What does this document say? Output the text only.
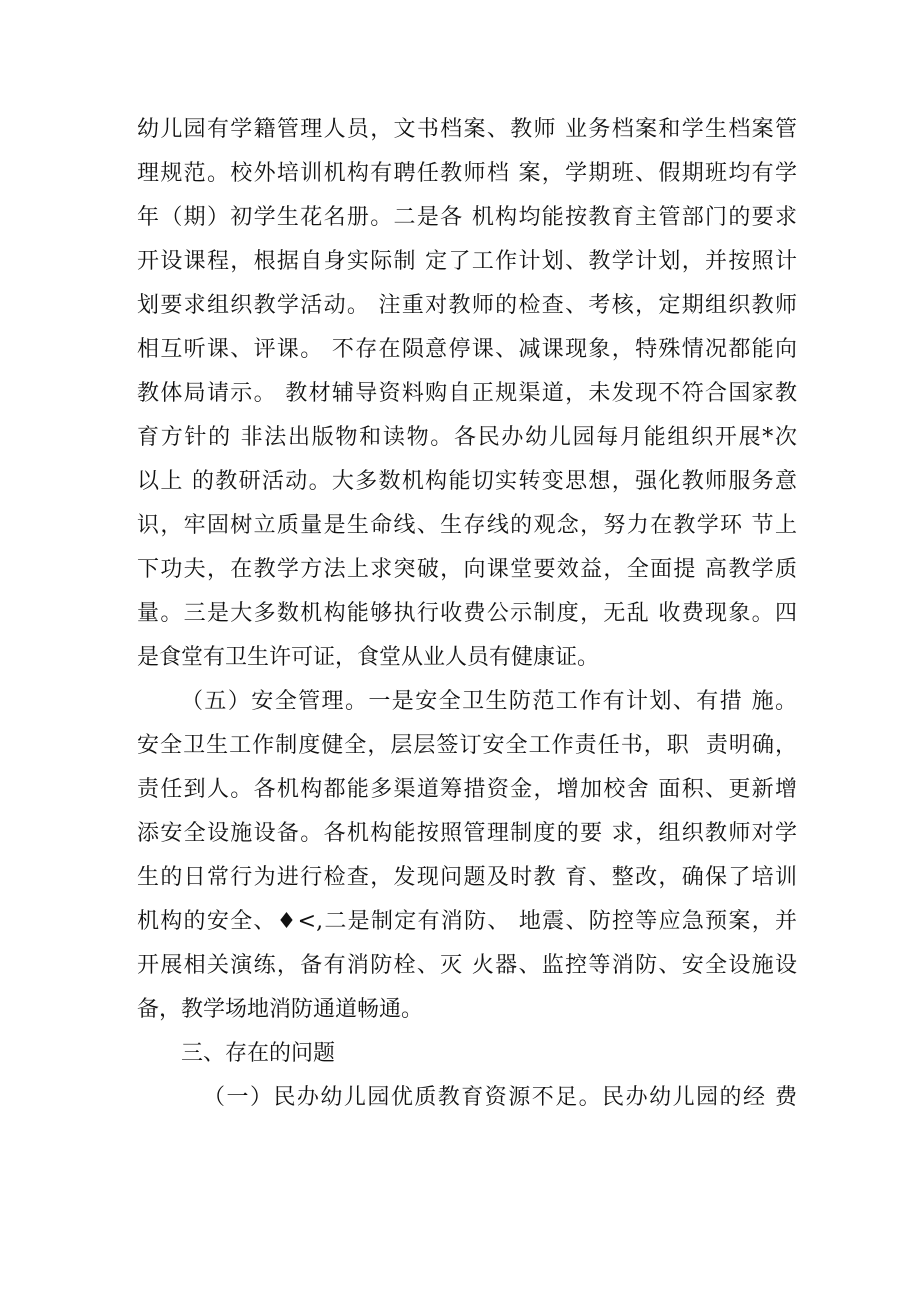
幼儿园有学籍管理人员，文书档案、教师 业务档案和学生档案管
理规范。校外培训机构有聘任教师档 案，学期班、假期班均有学
年（期）初学生花名册。二是各 机构均能按教育主管部门的要求
开设课程，根据自身实际制 定了工作计划、教学计划，并按照计
划要求组织教学活动。 注重对教师的检查、考核，定期组织教师
相互听课、评课。 不存在陨意停课、减课现象，特殊情况都能向
教体局请示。 教材辅导资料购自正规渠道，未发现不符合国家教
育方针的 非法出版物和读物。各民办幼儿园每月能组织开展*次
以上 的教研活动。大多数机构能切实转变思想，强化教师服务意
识，牢固树立质量是生命线、生存线的观念，努力在教学环 节上
下功夫，在教学方法上求突破，向课堂要效益，全面提 高教学质
量。三是大多数机构能够执行收费公示制度，无乱 收费现象。四
是食堂有卫生许可证，食堂从业人员有健康证。
（五）安全管理。一是安全卫生防范工作有计划、有措 施。
安全卫生工作制度健全，层层签订安全工作责任书，职  责明确，
责任到人。各机构都能多渠道筹措资金，增加校舍 面积、更新增
添安全设施设备。各机构能按照管理制度的要 求，组织教师对学
生的日常行为进行检查，发现问题及时教 育、整改，确保了培训
机构的安全、♦<,二是制定有消防、 地震、防控等应急预案，并
开展相关演练，备有消防栓、灭 火器、监控等消防、安全设施设
备，教学场地消防通道畅通。
三、存在的问题
（一）民办幼儿园优质教育资源不足。民办幼儿园的经 费
